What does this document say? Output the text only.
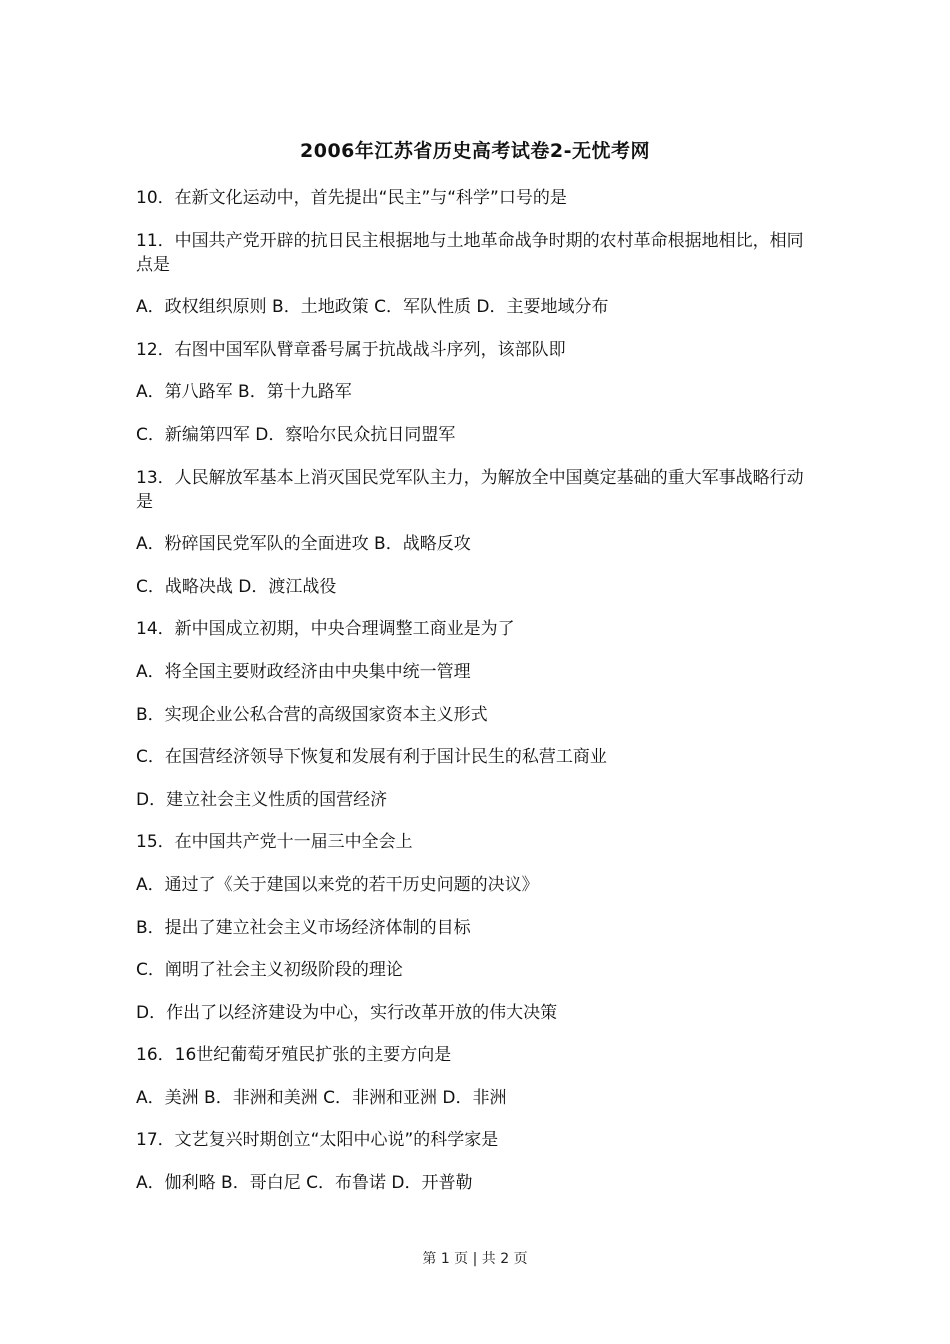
2006年江苏省历史高考试卷2-无忧考网

10．在新文化运动中，首先提出“民主”与“科学”口号的是

11．中国共产党开辟的抗日民主根据地与土地革命战争时期的农村革命根据地相比，相同点是

A．政权组织原则 B．土地政策 C．军队性质 D．主要地域分布

12．右图中国军队臂章番号属于抗战战斗序列，该部队即

A．第八路军 B．第十九路军

C．新编第四军 D．察哈尔民众抗日同盟军

13．人民解放军基本上消灭国民党军队主力，为解放全中国奠定基础的重大军事战略行动是

A．粉碎国民党军队的全面进攻 B．战略反攻

C．战略决战 D．渡江战役

14．新中国成立初期，中央合理调整工商业是为了

A．将全国主要财政经济由中央集中统一管理

B．实现企业公私合营的高级国家资本主义形式

C．在国营经济领导下恢复和发展有利于国计民生的私营工商业

D．建立社会主义性质的国营经济

15．在中国共产党十一届三中全会上

A．通过了《关于建国以来党的若干历史问题的决议》

B．提出了建立社会主义市场经济体制的目标

C．阐明了社会主义初级阶段的理论

D．作出了以经济建设为中心，实行改革开放的伟大决策

16．16世纪葡萄牙殖民扩张的主要方向是

A．美洲 B．非洲和美洲 C．非洲和亚洲 D．非洲

17．文艺复兴时期创立“太阳中心说”的科学家是

A．伽利略 B．哥白尼 C．布鲁诺 D．开普勒

第 1 页 | 共 2 页
